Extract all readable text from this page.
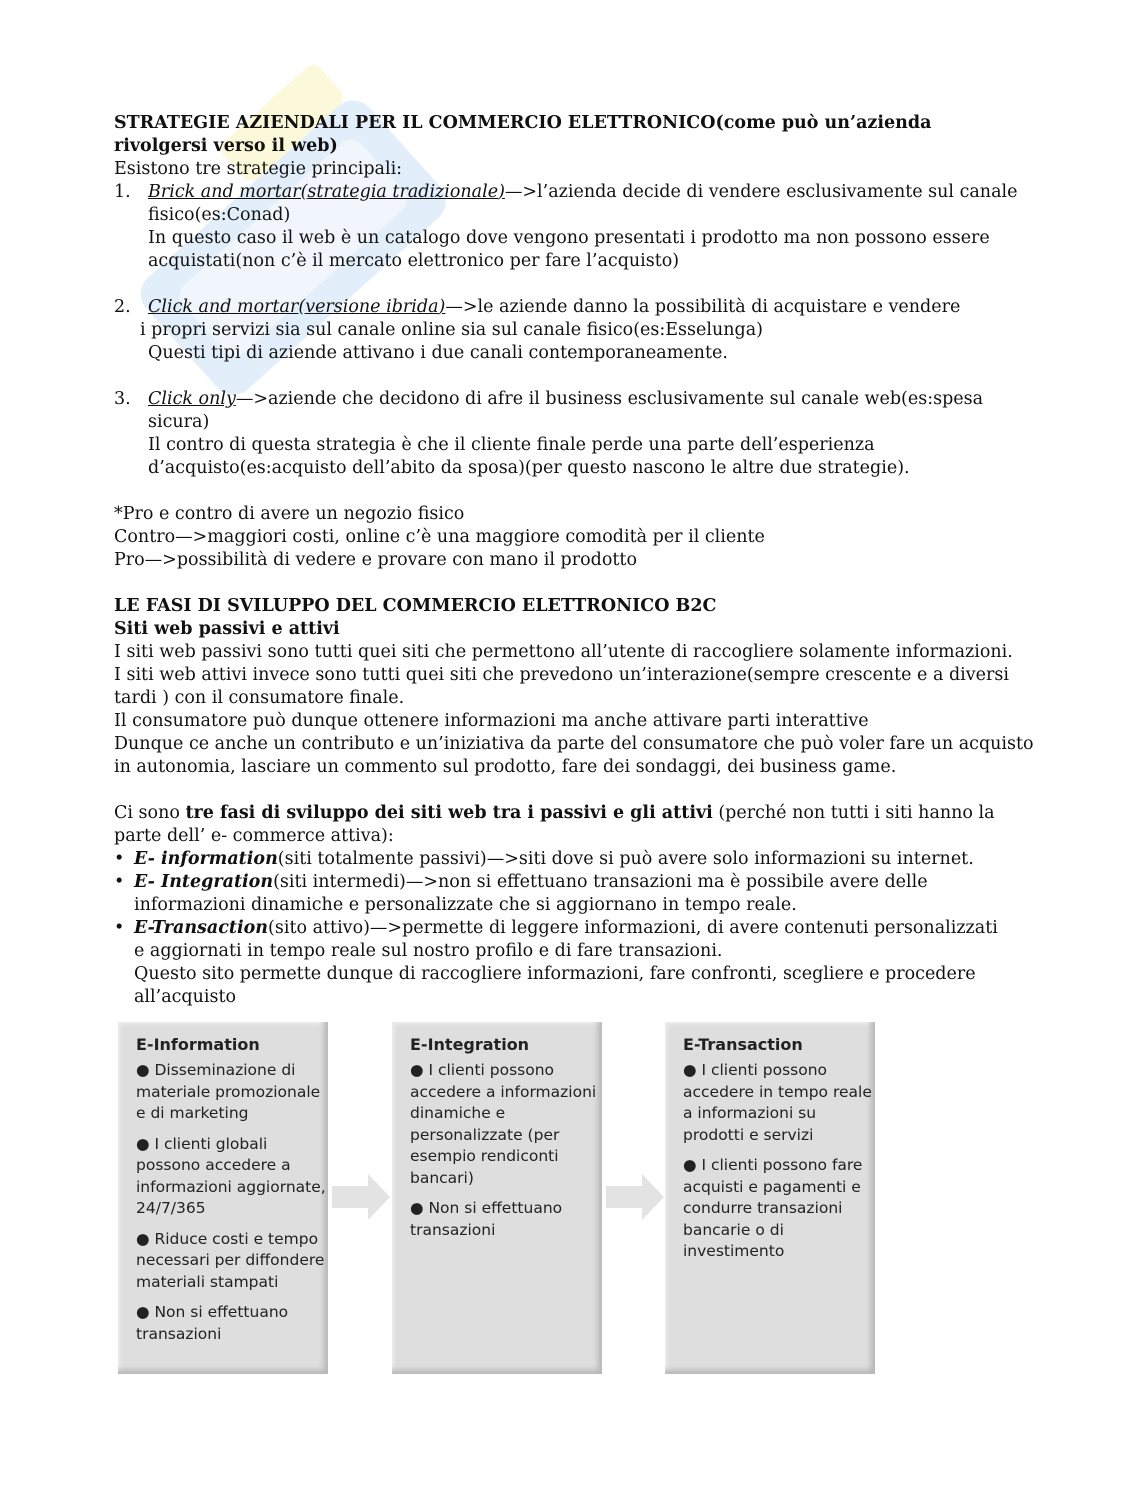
STRATEGIE AZIENDALI PER IL COMMERCIO ELETTRONICO(come può un’azienda

rivolgersi verso il web)

Esistono tre strategie principali:

1. Brick and mortar(strategia tradizionale)—>l’azienda decide di vendere esclusivamente sul canale
fisico(es:Conad)
In questo caso il web è un catalogo dove vengono presentati i prodotto ma non possono essere
acquistati(non c’è il mercato elettronico per fare l’acquisto)
2. Click and mortar(versione ibrida)—>le aziende danno la possibilità di acquistare e vendere
i propri servizi sia sul canale online sia sul canale fisico(es:Esselunga)
Questi tipi di aziende attivano i due canali contemporaneamente.
3. Click only—>aziende che decidono di afre il business esclusivamente sul canale web(es:spesa
sicura)
Il contro di questa strategia è che il cliente finale perde una parte dell’esperienza
d’acquisto(es:acquisto dell’abito da sposa)(per questo nascono le altre due strategie).

*Pro e contro di avere un negozio fisico

Contro—>maggiori costi, online c’è una maggiore comodità per il cliente

Pro—>possibilità di vedere e provare con mano il prodotto

LE FASI DI SVILUPPO DEL COMMERCIO ELETTRONICO B2C

Siti web passivi e attivi

I siti web passivi sono tutti quei siti che permettono all’utente di raccogliere solamente informazioni.

I siti web attivi invece sono tutti quei siti che prevedono un’interazione(sempre crescente e a diversi

tardi ) con il consumatore finale.

Il consumatore può dunque ottenere informazioni ma anche attivare parti interattive

Dunque ce anche un contributo e un’iniziativa da parte del consumatore che può voler fare un acquisto

in autonomia, lasciare un commento sul prodotto, fare dei sondaggi, dei business game.

Ci sono tre fasi di sviluppo dei siti web tra i passivi e gli attivi (perché non tutti i siti hanno la

parte dell’ e- commerce attiva):

• E- information(siti totalmente passivi)—>siti dove si può avere solo informazioni su internet.
• E- Integration(siti intermedi)—>non si effettuano transazioni ma è possibile avere delle
informazioni dinamiche e personalizzate che si aggiornano in tempo reale.
• E-Transaction(sito attivo)—>permette di leggere informazioni, di avere contenuti personalizzati
e aggiornati in tempo reale sul nostro profilo e di fare transazioni.
Questo sito permette dunque di raccogliere informazioni, fare confronti, scegliere e procedere
all’acquisto
E-Information
● Disseminazione di materiale promozionale e di marketing
● I clienti globali possono accedere a informazioni aggiornate, 24/7/365
● Riduce costi e tempo necessari per diffondere materiali stampati
● Non si effettuano transazioni
E-Integration
● I clienti possono accedere a informazioni dinamiche e personalizzate (per esempio rendiconti bancari)
● Non si effettuano transazioni
E-Transaction
● I clienti possono accedere in tempo reale a informazioni su prodotti e servizi
● I clienti possono fare acquisti e pagamenti e condurre transazioni bancarie o di investimento
